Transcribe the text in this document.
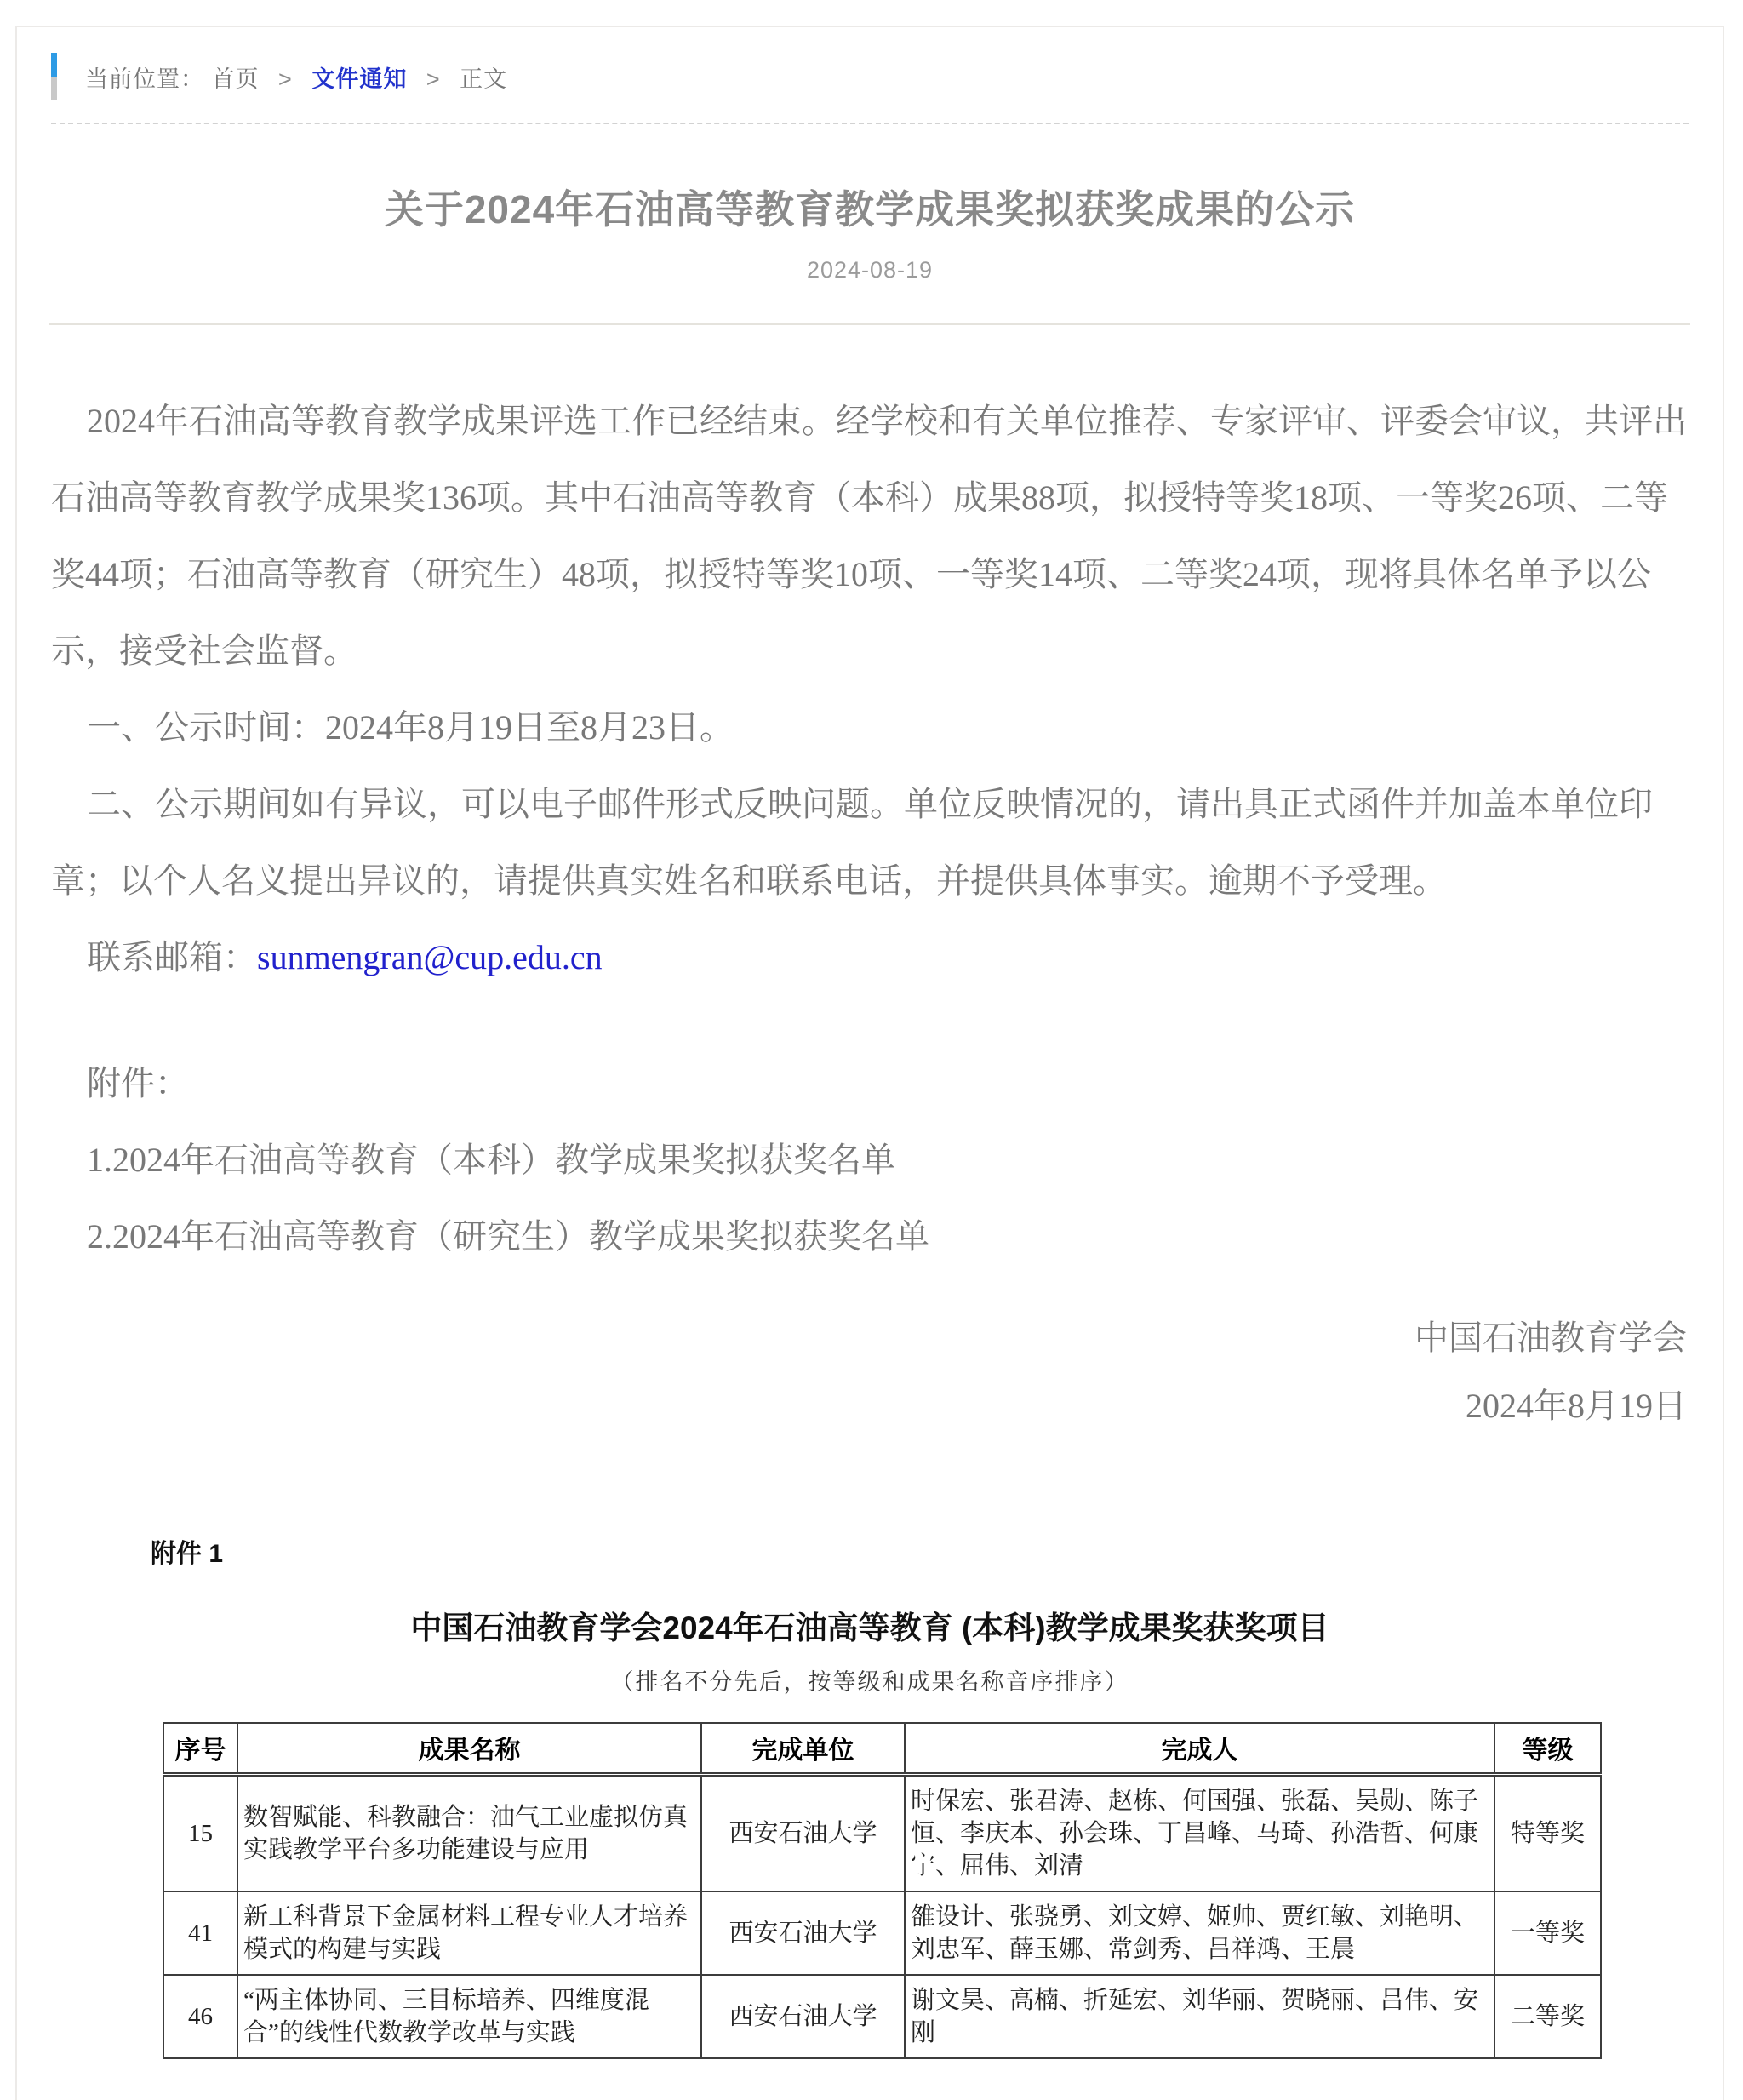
当前位置： 首页 > 文件通知 > 正文
关于2024年石油高等教育教学成果奖拟获奖成果的公示
2024-08-19

2024年石油高等教育教学成果评选工作已经结束。经学校和有关单位推荐、专家评审、评委会审议，共评出石油高等教育教学成果奖136项。其中石油高等教育（本科）成果88项，拟授特等奖18项、一等奖26项、二等奖44项；石油高等教育（研究生）48项，拟授特等奖10项、一等奖14项、二等奖24项，现将具体名单予以公示，接受社会监督。

一、公示时间：2024年8月19日至8月23日。

二、公示期间如有异议，可以电子邮件形式反映问题。单位反映情况的，请出具正式函件并加盖本单位印章；以个人名义提出异议的，请提供真实姓名和联系电话，并提供具体事实。逾期不予受理。

联系邮箱：sunmengran@cup.edu.cn

附件：

1.2024年石油高等教育（本科）教学成果奖拟获奖名单

2.2024年石油高等教育（研究生）教学成果奖拟获奖名单

中国石油教育学会
2024年8月19日
附件 1
中国石油教育学会2024年石油高等教育 (本科)教学成果奖获奖项目
（排名不分先后，按等级和成果名称音序排序）
序号	成果名称	完成单位	完成人	等级
15	数智赋能、科教融合：油气工业虚拟仿真实践教学平台多功能建设与应用	西安石油大学	时保宏、张君涛、赵栋、何国强、张磊、吴勋、陈子恒、李庆本、孙会珠、丁昌峰、马琦、孙浩哲、何康宁、屈伟、刘清	特等奖
41	新工科背景下金属材料工程专业人才培养模式的构建与实践	西安石油大学	雒设计、张骁勇、刘文婷、姬帅、贾红敏、刘艳明、刘忠军、薛玉娜、常剑秀、吕祥鸿、王晨	一等奖
46	“两主体协同、三目标培养、四维度混合”的线性代数教学改革与实践	西安石油大学	谢文昊、高楠、折延宏、刘华丽、贺晓丽、吕伟、安刚	二等奖
